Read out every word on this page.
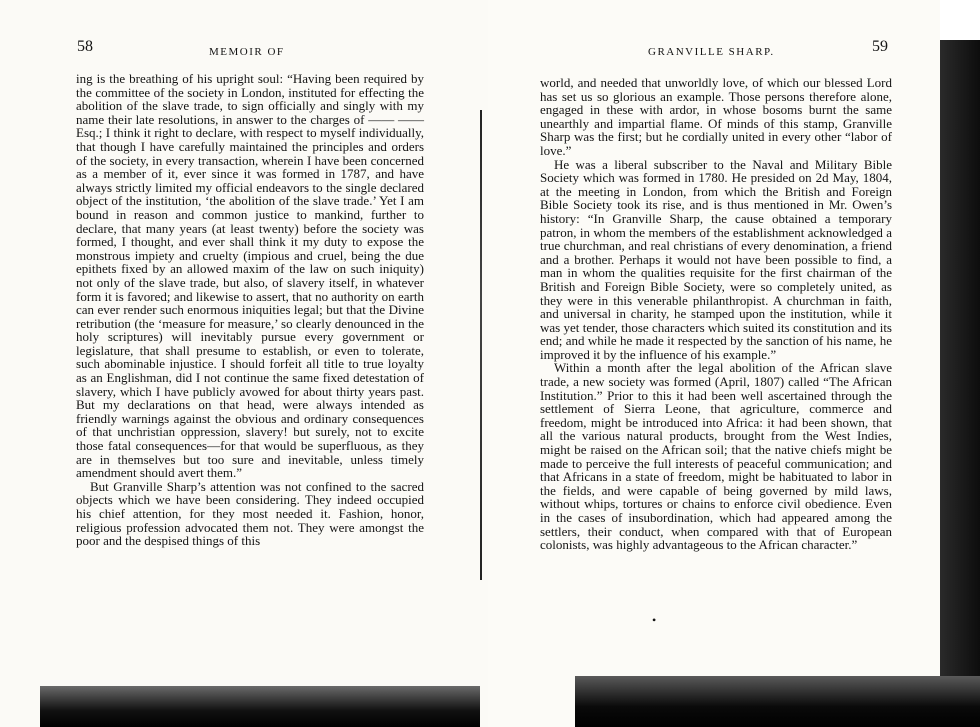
58	MEMOIR OF

ing is the breathing of his upright soul: “Having been required by the committee of the society in London, instituted for effecting the abolition of the slave trade, to sign officially and singly with my name their late resolutions, in answer to the charges of —— —— Esq.; I think it right to declare, with respect to myself individually, that though I have carefully maintained the principles and orders of the society, in every transaction, wherein I have been concerned as a member of it, ever since it was formed in 1787, and have always strictly limited my official endeavors to the single declared object of the institution, ‘the abolition of the slave trade.’ Yet I am bound in reason and common justice to mankind, further to declare, that many years (at least twenty) before the society was formed, I thought, and ever shall think it my duty to expose the monstrous impiety and cruelty (impious and cruel, being the due epithets fixed by an allowed maxim of the law on such iniquity) not only of the slave trade, but also, of slavery itself, in whatever form it is favored; and likewise to assert, that no authority on earth can ever render such enormous iniquities legal; but that the Divine retribution (the ‘measure for measure,’ so clearly denounced in the holy scriptures) will inevitably pursue every government or legislature, that shall presume to establish, or even to tolerate, such abominable injustice. I should forfeit all title to true loyalty as an Englishman, did I not continue the same fixed detestation of slavery, which I have publicly avowed for about thirty years past. But my declarations on that head, were always intended as friendly warnings against the obvious and ordinary consequences of that unchristian oppression, slavery! but surely, not to excite those fatal consequences—for that would be superfluous, as they are in themselves but too sure and inevitable, unless timely amendment should avert them.”

But Granville Sharp’s attention was not confined to the sacred objects which we have been considering. They indeed occupied his chief attention, for they most needed it. Fashion, honor, religious profession advocated them not. They were amongst the poor and the despised things of this

GRANVILLE SHARP.	59

world, and needed that unworldly love, of which our blessed Lord has set us so glorious an example. Those persons therefore alone, engaged in these with ardor, in whose bosoms burnt the same unearthly and impartial flame. Of minds of this stamp, Granville Sharp was the first; but he cordially united in every other “labor of love.”

He was a liberal subscriber to the Naval and Military Bible Society which was formed in 1780. He presided on 2d May, 1804, at the meeting in London, from which the British and Foreign Bible Society took its rise, and is thus mentioned in Mr. Owen’s history: “In Granville Sharp, the cause obtained a temporary patron, in whom the members of the establishment acknowledged a true churchman, and real christians of every denomination, a friend and a brother. Perhaps it would not have been possible to find, a man in whom the qualities requisite for the first chairman of the British and Foreign Bible Society, were so completely united, as they were in this venerable philanthropist. A churchman in faith, and universal in charity, he stamped upon the institution, while it was yet tender, those characters which suited its constitution and its end; and while he made it respected by the sanction of his name, he improved it by the influence of his example.”

Within a month after the legal abolition of the African slave trade, a new society was formed (April, 1807) called “The African Institution.” Prior to this it had been well ascertained through the settlement of Sierra Leone, that agriculture, commerce and freedom, might be introduced into Africa: it had been shown, that all the various natural products, brought from the West Indies, might be raised on the African soil; that the native chiefs might be made to perceive the full interests of peaceful communication; and that Africans in a state of freedom, might be habituated to labor in the fields, and were capable of being governed by mild laws, without whips, tortures or chains to enforce civil obedience. Even in the cases of insubordination, which had appeared among the settlers, their conduct, when compared with that of European colonists, was highly advantageous to the African character.”

•
